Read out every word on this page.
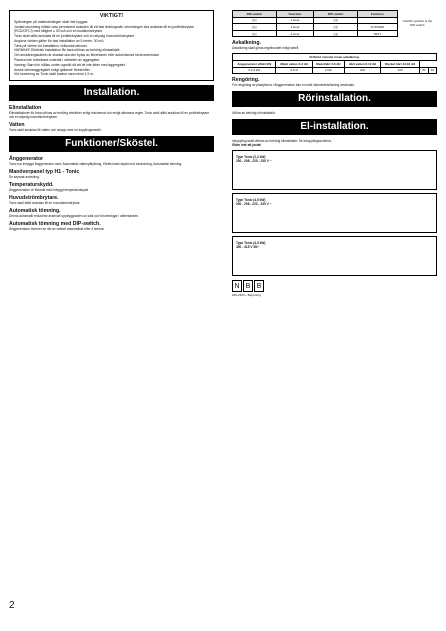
VIKTIGT!
Spänningen på materialmärgen skall inte byggas.
Jordad utrustning måste vara permanent ansluten till ett fast ledningsnät; utrustningen ska anslutas till en jordfelsbrytare (RCD/GFCI) med tålighet ≤ 30 mA och en isolationsbrytare.
Tonic skall alltid anslutas till en jordfelsbrytare och en allpolig huvudströmbrytare.
Angivna värden gäller för fast installation av 5 meter, 30 mA.
Tänk på värme vid installation i träkonstruktioner.
VARNING! Elektrisk installation får bara utföras av behörig elinstallatör.
Om anslutningskabeln är skadad ska den bytas av tillverkaren eller auktoriserad serviceverkstad.
Placera inte brännbara material i närheten av aggregatet.
Varning: Barn bör hållas under uppsikt så att de inte leker med aggregatet.
Anslut värmeaggregatet enligt gällande föreskrifter.
Vid montering av Tonic skall bastun vara minst 1,9 m.
Installation.
Elinstallation

Elinstallationer för bara utföras av behörig elektriker enligt elschemat och enligt allmänna regler. Tonic skall alltid anslutas till en jordfelsbrytare och en allpolig huvudströmbrytare.

Vatten

Tonic skall anslutas till vatten och avlopp med en kopplingsmedel.

Funktioner/Sköstel.
Ånggenerator

Tonic har inbyggd ånggenerator med: Automatisk vattenpåfyllning, Elektroniskt skydd mot torrkokning, Automatisk tömning.

Manöverpanel typ H1 - Tonic

Se separat anvisning.

Temperaturskydd.

Ånggeneratorn är försedd med inbyggt temperaturskydd.

Huvudströmbrytare.

Tonic skall alltid anslutas till en huvudströmbrytare.

Automatisk tömning.

Denna automatik reducerar avsevärt uppbyggnaden av kalk och föroreningar i vattentanken.

Automatisk tömning med DIP-switch.

Ånggeneratorn tömmer en del av vattnet automatiskt efter 4 timmar.

DIP-switch	Function	DIP-switch	Function	=Switch position is the DIP-switch
▯▯▯	1 Hour	▯▯▯		
▯▯▯	1 Hour	▯▯▯	AUTIMER	
▯▯▯	2 Hour	▯▯▯	TEST	
Avkalkning.

Avkalkning skall göras regelbundet enligt tabell.

Driftstid i timmar innan avkalkning.						
Ånggenerator effekt kW	Mjukt vatten 0-3 dH	Medelhårt 3-6 dH	Hårt vatten 6-12 dH	Mycket hårt 12-18 dH		
2,2-9 kW	5,0 dl	2 flsk	200	100	80	40
Rengöring.

För rengöring av plastytorna i ånggeneratorn kan en mild diskmedelslösning användas.

Rörinstallation.

Utföra av behörig rörinstallatör.

El-installation.

Inkoppling skall utföras av behörig elinstallatör. Se inkopplingsschema.

Glöm inte att jorda!

Type Tonic (2,2 kW)
200 - 208 - 220 - 230 V ~
Type Tonic (4,5 kW)
200 - 208 - 220 - 230 V ~
Type Tonic (4,5 kW)
400 - 415 V 3N~
N B B

200-240V~ Belysning

2
